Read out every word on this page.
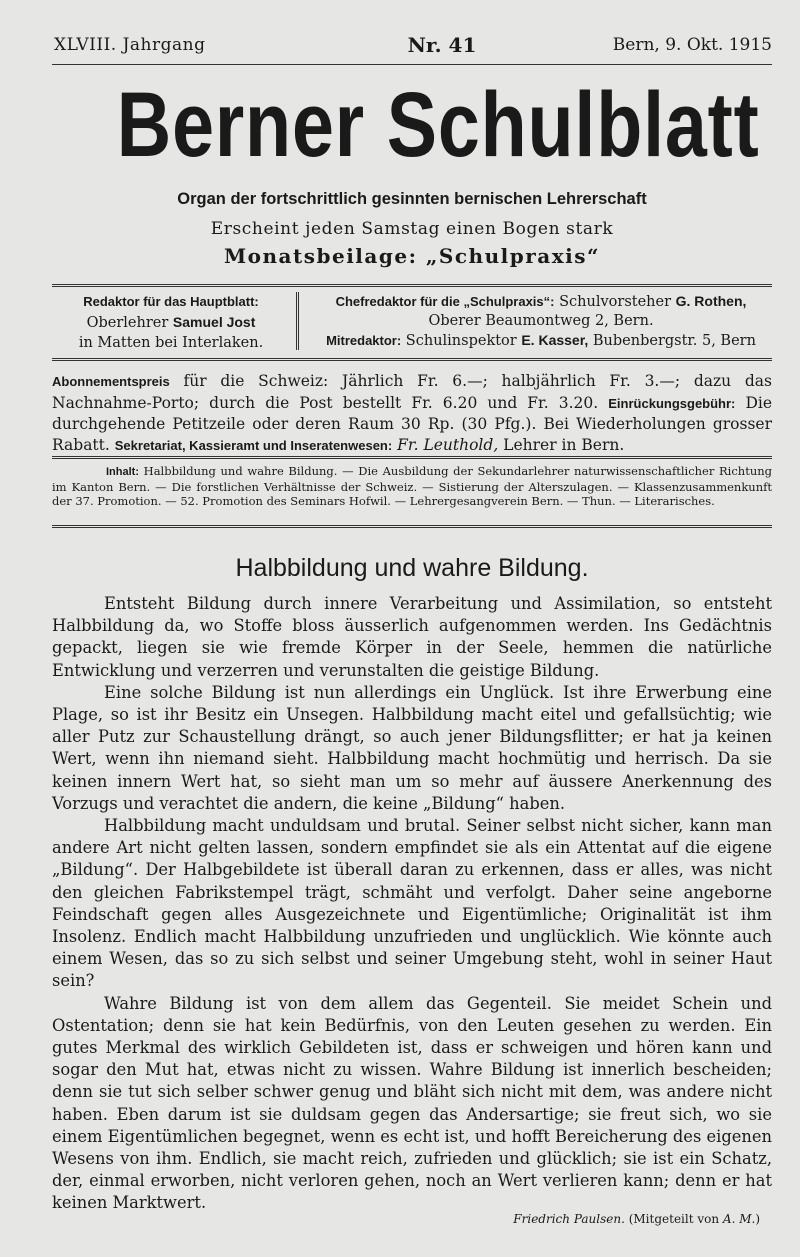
XLVIII. Jahrgang	Nr. 41	Bern, 9. Okt. 1915
Berner Schulblatt
Organ der fortschrittlich gesinnten bernischen Lehrerschaft
Erscheint jeden Samstag einen Bogen stark
Monatsbeilage: „Schulpraxis“
Redaktor für das Hauptblatt:
Oberlehrer Samuel Jost
in Matten bei Interlaken.
Chefredaktor für die „Schulpraxis“: Schulvorsteher G. Rothen,
Oberer Beaumontweg 2, Bern.
Mitredaktor: Schulinspektor E. Kasser, Bubenbergstr. 5, Bern
Abonnementspreis für die Schweiz: Jährlich Fr. 6.—; halbjährlich Fr. 3.—; dazu das Nachnahme-Porto; durch die Post bestellt Fr. 6.20 und Fr. 3.20. Einrückungsgebühr: Die durchgehende Petitzeile oder deren Raum 30 Rp. (30 Pfg.). Bei Wiederholungen grosser Rabatt. Sekretariat, Kassieramt und Inseratenwesen: Fr. Leuthold, Lehrer in Bern.
Inhalt: Halbbildung und wahre Bildung. — Die Ausbildung der Sekundarlehrer naturwissenschaftlicher Richtung im Kanton Bern. — Die forstlichen Verhältnisse der Schweiz. — Sistierung der Alterszulagen. — Klassenzusammenkunft der 37. Promotion. — 52. Promotion des Seminars Hofwil. — Lehrergesangverein Bern. — Thun. — Literarisches.
Halbbildung und wahre Bildung.

Entsteht Bildung durch innere Verarbeitung und Assimilation, so entsteht Halbbildung da, wo Stoffe bloss äusserlich aufgenommen werden. Ins Gedächtnis gepackt, liegen sie wie fremde Körper in der Seele, hemmen die natürliche Entwicklung und verzerren und verunstalten die geistige Bildung.

Eine solche Bildung ist nun allerdings ein Unglück. Ist ihre Erwerbung eine Plage, so ist ihr Besitz ein Unsegen. Halbbildung macht eitel und gefallsüchtig; wie aller Putz zur Schaustellung drängt, so auch jener Bildungsflitter; er hat ja keinen Wert, wenn ihn niemand sieht. Halbbildung macht hochmütig und herrisch. Da sie keinen innern Wert hat, so sieht man um so mehr auf äussere Anerkennung des Vorzugs und verachtet die andern, die keine „Bildung“ haben.

Halbbildung macht unduldsam und brutal. Seiner selbst nicht sicher, kann man andere Art nicht gelten lassen, sondern empfindet sie als ein Attentat auf die eigene „Bildung“. Der Halbgebildete ist überall daran zu erkennen, dass er alles, was nicht den gleichen Fabrikstempel trägt, schmäht und verfolgt. Daher seine angeborne Feindschaft gegen alles Ausgezeichnete und Eigentümliche; Originalität ist ihm Insolenz. Endlich macht Halbbildung unzufrieden und unglücklich. Wie könnte auch einem Wesen, das so zu sich selbst und seiner Umgebung steht, wohl in seiner Haut sein?

Wahre Bildung ist von dem allem das Gegenteil. Sie meidet Schein und Ostentation; denn sie hat kein Bedürfnis, von den Leuten gesehen zu werden. Ein gutes Merkmal des wirklich Gebildeten ist, dass er schweigen und hören kann und sogar den Mut hat, etwas nicht zu wissen. Wahre Bildung ist innerlich bescheiden; denn sie tut sich selber schwer genug und bläht sich nicht mit dem, was andere nicht haben. Eben darum ist sie duldsam gegen das Andersartige; sie freut sich, wo sie einem Eigentümlichen begegnet, wenn es echt ist, und hofft Bereicherung des eigenen Wesens von ihm. Endlich, sie macht reich, zufrieden und glücklich; sie ist ein Schatz, der, einmal erworben, nicht verloren gehen, noch an Wert verlieren kann; denn er hat keinen Marktwert.

Friedrich Paulsen. (Mitgeteilt von A. M.)
